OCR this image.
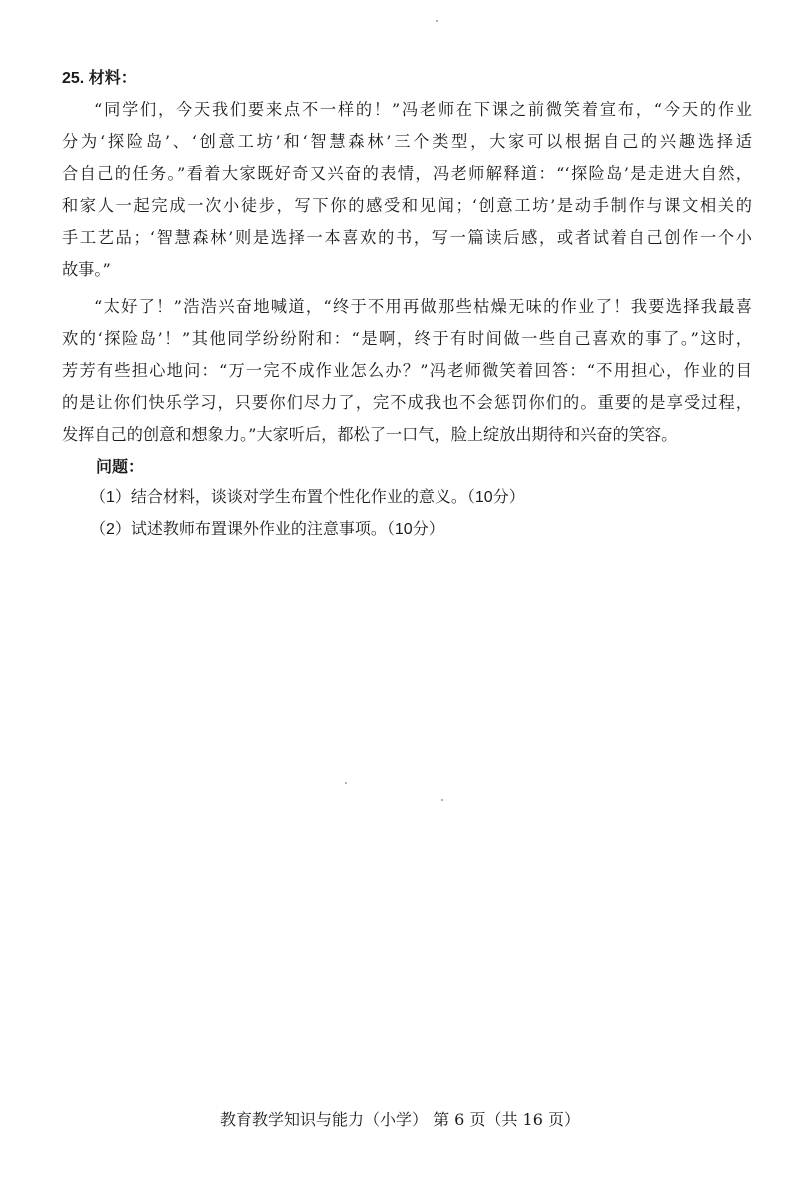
25. 材料：
“同学们，今天我们要来点不一样的！”冯老师在下课之前微笑着宣布，“今天的作业
分为‘探险岛’、‘创意工坊’和‘智慧森林’三个类型，大家可以根据自己的兴趣选择适
合自己的任务。”看着大家既好奇又兴奋的表情，冯老师解释道：“‘探险岛’是走进大自然，
和家人一起完成一次小徒步，写下你的感受和见闻；‘创意工坊’是动手制作与课文相关的
手工艺品；‘智慧森林’则是选择一本喜欢的书，写一篇读后感，或者试着自己创作一个小
故事。”
“太好了！”浩浩兴奋地喊道，“终于不用再做那些枯燥无味的作业了！我要选择我最喜
欢的‘探险岛’！”其他同学纷纷附和：“是啊，终于有时间做一些自己喜欢的事了。”这时，
芳芳有些担心地问：“万一完不成作业怎么办？”冯老师微笑着回答：“不用担心，作业的目
的是让你们快乐学习，只要你们尽力了，完不成我也不会惩罚你们的。重要的是享受过程，
发挥自己的创意和想象力。”大家听后，都松了一口气，脸上绽放出期待和兴奋的笑容。
问题：
（1）结合材料，谈谈对学生布置个性化作业的意义。（10分）
（2）试述教师布置课外作业的注意事项。（10分）
教育教学知识与能力（小学） 第 6 页（共 16 页）
